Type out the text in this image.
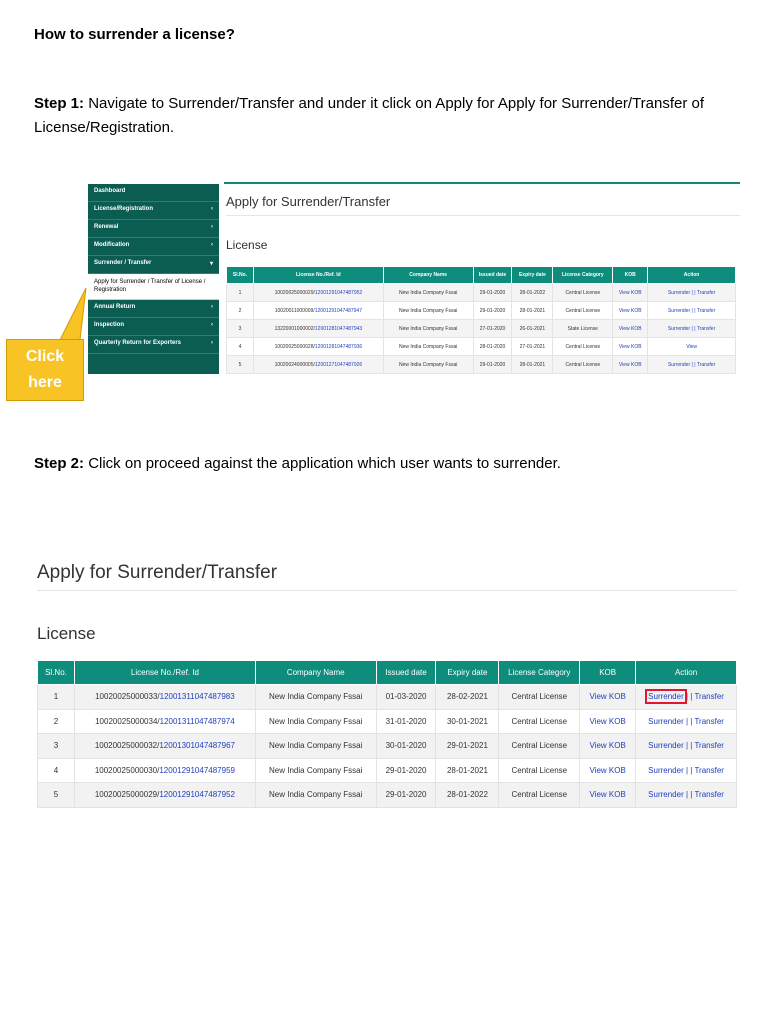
How to surrender a license?
Step 1: Navigate to Surrender/Transfer and under it click on Apply for Apply for Surrender/Transfer of License/Registration.
Dashboard
License/Registration	‹
Renewal	‹
Modification	‹
Surrender / Transfer	▾
Apply for Surrender / Transfer of License / Registration
Annual Return	‹
Inspection	‹
Quarterly Return for Exporters	‹
Apply for Surrender/Transfer
License
Sl.No.	License No./Ref. Id	Company Name	Issued date	Expiry date	License Category	KOB	Action
1	10020025000029/12001291047487952	New India Company Fssai	29-01-2020	28-01-2022	Central License	View KOB	Surrender | | Transfer
2	10020011000009/12001291047487947	New India Company Fssai	29-01-2020	28-01-2021	Central License	View KOB	Surrender | | Transfer
3	13220001000002/12001281047487943	New India Company Fssai	27-01-2020	26-01-2021	State License	View KOB	Surrender | | Transfer
4	10020025000028/12001281047487936	New India Company Fssai	28-01-2020	27-01-2021	Central License	View KOB	View
5	10020024000005/12001271047487926	New India Company Fssai	29-01-2020	28-01-2021	Central License	View KOB	Surrender | | Transfer
Click
here
Step 2: Click on proceed against the application which user wants to surrender.
Apply for Surrender/Transfer
License
Sl.No.	License No./Ref. Id	Company Name	Issued date	Expiry date	License Category	KOB	Action
1	10020025000033/12001311047487983	New India Company Fssai	01-03-2020	28-02-2021	Central License	View KOB	Surrender | | Transfer
2	10020025000034/12001311047487974	New India Company Fssai	31-01-2020	30-01-2021	Central License	View KOB	Surrender | | Transfer
3	10020025000032/12001301047487967	New India Company Fssai	30-01-2020	29-01-2021	Central License	View KOB	Surrender | | Transfer
4	10020025000030/12001291047487959	New India Company Fssai	29-01-2020	28-01-2021	Central License	View KOB	Surrender | | Transfer
5	10020025000029/12001291047487952	New India Company Fssai	29-01-2020	28-01-2022	Central License	View KOB	Surrender | | Transfer
